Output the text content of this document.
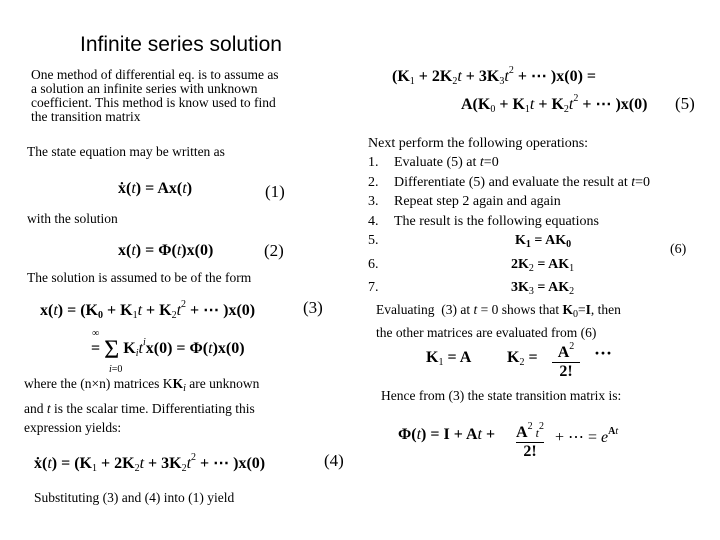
Infinite series solution
One method of differential eq. is to assume as
a solution an infinite series with unknown
coefficient. This method is know used to find
the transition matrix
The state equation may be written as
ẋ(t) = Ax(t)	(1)
with the solution
x(t) = Φ(t)x(0)	(2)
The solution is assumed to be of the form
$x(t) = (K_0 + K_1t + K_2t^2$ + ⋯ )x(0)	(3)
∞
= Σ $K_it^ix(0) = \Phi(t)x(0)$
i=0
where the (n×n) matrices $KK_i$ are unknown
and t is the scalar time. Differentiating this
expression yields:
ẋ(t) = ($K_1 + 2K_2t + 3K_2t^2$ + ⋯ )x(0)	(4)
Substituting (3) and (4) into (1) yield
($K_1 + 2K_2t + 3K_3t^2$ + ⋯ )x(0) =
$A(K_0 + K_1t + K_2t^2$ + ⋯ )x(0) (5)
Next perform the following operations:
1.	Evaluate (5) at t=0
2.	Differentiate (5) and evaluate the result at t=0
3.	Repeat step 2 again and again
4.	The result is the following equations
5.	$K_1 = AK_0$
6.	$2K_2 = AK_1$
7.	$3K_3 = AK_2$
(6)
Evaluating  (3) at t = 0 shows that $K_0=I$, then
the other matrices are evaluated from (6)
$K_1 = A$ $K_2$ =	$A^2$
2!
···
Hence from (3) the state transition matrix is:
$\Phi(t) = I + At + A^2$ $t^2$
2!
+ ⋯ = $e^{At}$
